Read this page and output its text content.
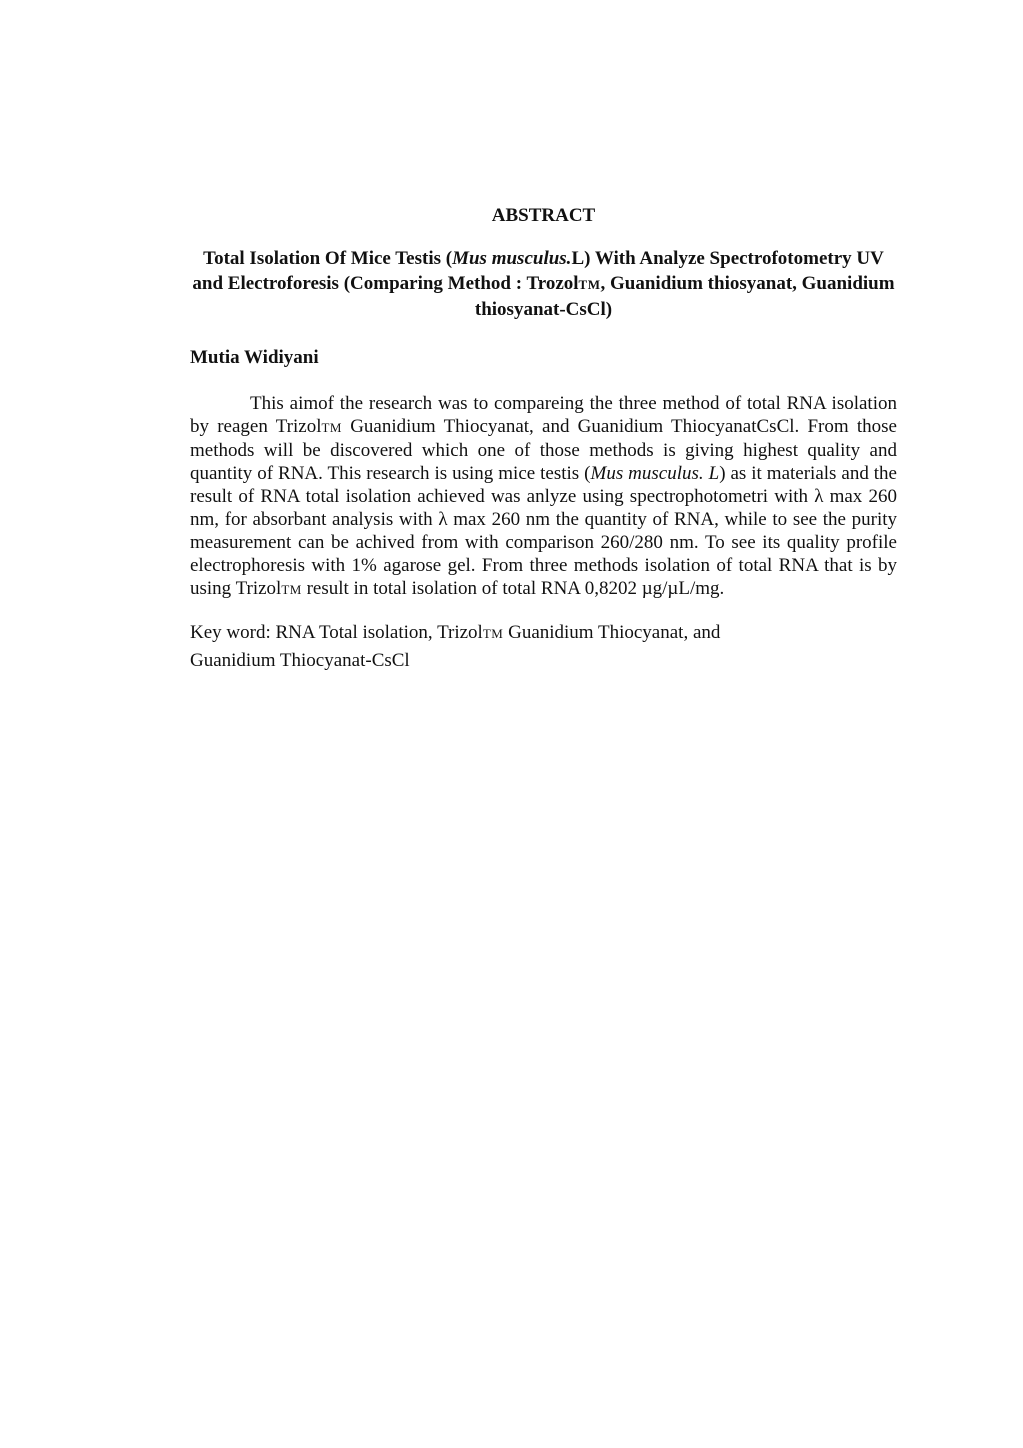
ABSTRACT

Total Isolation Of Mice Testis (Mus musculus.L) With Analyze Spectrofotometry UV and Electroforesis (Comparing Method : TrozolTM, Guanidium thiosyanat, Guanidium thiosyanat-CsCl)

Mutia Widiyani

This aimof the research was to compareing the three method of total RNA isolation by reagen TrizolTM Guanidium Thiocyanat, and Guanidium ThiocyanatCsCl. From those methods will be discovered which one of those methods is giving highest quality and quantity of RNA. This research is using mice testis (Mus musculus. L) as it materials and the result of RNA total isolation achieved was anlyze using spectrophotometri with λ max 260 nm, for absorbant analysis with λ max 260 nm the quantity of RNA, while to see the purity measurement can be achived from with comparison 260/280 nm. To see its quality profile electrophoresis with 1% agarose gel. From three methods isolation of total RNA that is by using TrizolTM result in total isolation of total RNA 0,8202 µg/µL/mg.

Key word: RNA Total isolation, TrizolTM Guanidium Thiocyanat, and Guanidium Thiocyanat-CsCl
